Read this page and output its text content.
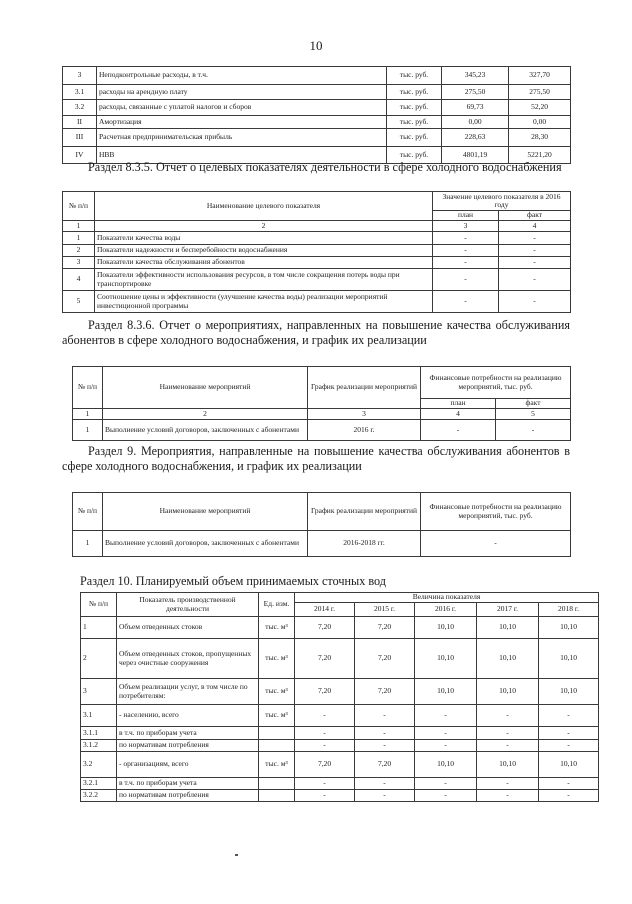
10
3	Неподконтрольные расходы, в т.ч.	тыс. руб.	345,23	327,70
3.1	расходы на арендную плату	тыс. руб.	275,50	275,50
3.2	расходы, связанные с уплатой налогов и сборов	тыс. руб.	69,73	52,20
II	Амортизация	тыс. руб.	0,00	0,00
III	Расчетная предпринимательская прибыль	тыс. руб.	228,63	28,30
IV	НВВ	тыс. руб.	4801,19	5221,20
Раздел 8.3.5. Отчет о целевых показателях деятельности в сфере холодного водоснабжения
№ п/п	Наименование целевого показателя	Значение целевого показателя в 2016 году	
		план	факт
1	2	3	4
1	Показатели качества воды	-	-
2	Показатели надежности и бесперебойности водоснабжения	-	-
3	Показатели качества обслуживания абонентов	-	-
4	Показатели эффективности использования ресурсов, в том числе сокращения потерь воды при транспортировке	-	-
5	Соотношение цены и эффективности (улучшение качества воды) реализации мероприятий инвестиционной программы	-	-
Раздел 8.3.6. Отчет о мероприятиях, направленных на повышение качества обслуживания абонентов в сфере холодного водоснабжения, и график их реализации
№ п/п	Наименование мероприятий	График реализации мероприятий	Финансовые потребности на реализацию мероприятий, тыс. руб.	
			план	факт
1	2	3	4	5
1	Выполнение условий договоров, заключенных с абонентами	2016 г.	-	-
Раздел 9. Мероприятия, направленные на повышение качества обслуживания абонентов в сфере холодного водоснабжения, и график их реализации
№ п/п	Наименование мероприятий	График реализации мероприятий	Финансовые потребности на реализацию мероприятий, тыс. руб.
1	Выполнение условий договоров, заключенных с абонентами	2016-2018 гг.	-
Раздел 10. Планируемый объем принимаемых сточных вод
№ п/п	Показатель производственной деятельности	Ед. изм.	Величина показателя				
			2014 г.	2015 г.	2016 г.	2017 г.	2018 г.
1	Объем отведенных стоков	тыс. м³	7,20	7,20	10,10	10,10	10,10
2	Объем отведенных стоков, пропущенных через очистные сооружения	тыс. м³	7,20	7,20	10,10	10,10	10,10
3	Объем реализации услуг, в том числе по потребителям:	тыс. м³	7,20	7,20	10,10	10,10	10,10
3.1	- населению, всего	тыс. м³	-	-	-	-	-
3.1.1	в т.ч. по приборам учета		-	-	-	-	-
3.1.2	по нормативам потребления		-	-	-	-	-
3.2	- организациям, всего	тыс. м³	7,20	7,20	10,10	10,10	10,10
3.2.1	в т.ч. по приборам учета		-	-	-	-	-
3.2.2	по нормативам потребления		-	-	-	-	-
